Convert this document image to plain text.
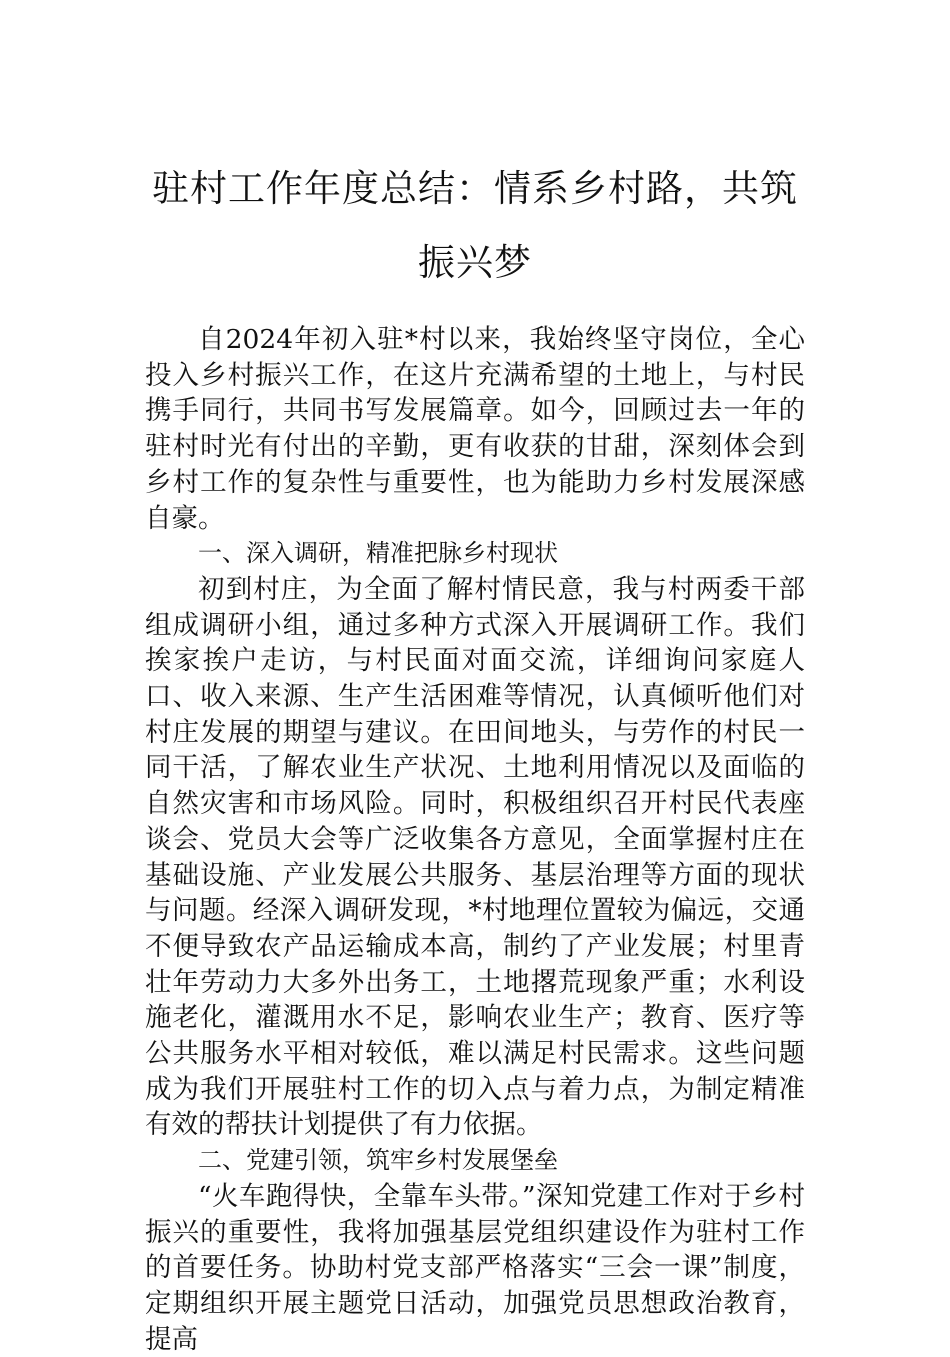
驻村工作年度总结：情系乡村路，共筑振兴梦

自2024年初入驻*村以来，我始终坚守岗位，全心投入乡村振兴工作，在这片充满希望的土地上，与村民携手同行，共同书写发展篇章。如今，回顾过去一年的驻村时光有付出的辛勤，更有收获的甘甜，深刻体会到乡村工作的复杂性与重要性，也为能助力乡村发展深感自豪。

一、深入调研，精准把脉乡村现状

初到村庄，为全面了解村情民意，我与村两委干部组成调研小组，通过多种方式深入开展调研工作。我们挨家挨户走访，与村民面对面交流，详细询问家庭人口、收入来源、生产生活困难等情况，认真倾听他们对村庄发展的期望与建议。在田间地头，与劳作的村民一同干活，了解农业生产状况、土地利用情况以及面临的自然灾害和市场风险。同时，积极组织召开村民代表座谈会、党员大会等广泛收集各方意见，全面掌握村庄在基础设施、产业发展公共服务、基层治理等方面的现状与问题。经深入调研发现，*村地理位置较为偏远，交通不便导致农产品运输成本高，制约了产业发展；村里青壮年劳动力大多外出务工，土地撂荒现象严重；水利设施老化，灌溉用水不足，影响农业生产；教育、医疗等公共服务水平相对较低，难以满足村民需求。这些问题成为我们开展驻村工作的切入点与着力点，为制定精准有效的帮扶计划提供了有力依据。

二、党建引领，筑牢乡村发展堡垒

“火车跑得快，全靠车头带。”深知党建工作对于乡村振兴的重要性，我将加强基层党组织建设作为驻村工作的首要任务。协助村党支部严格落实“三会一课”制度，定期组织开展主题党日活动，加强党员思想政治教育，提高
